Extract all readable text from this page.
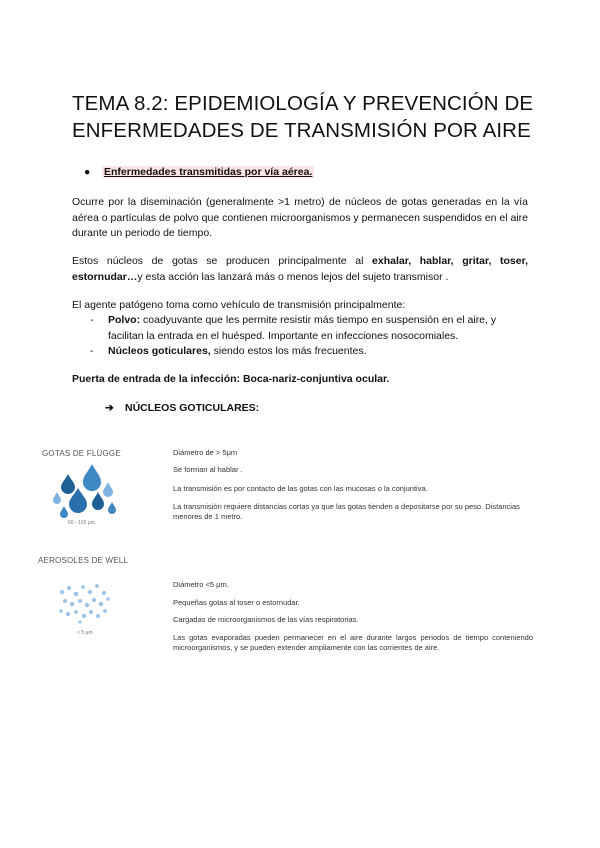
TEMA 8.2: EPIDEMIOLOGÍA Y PREVENCIÓN DE ENFERMEDADES DE TRANSMISIÓN POR AIRE
● Enfermedades transmitidas por vía aérea.
Ocurre por la diseminación (generalmente >1 metro) de núcleos de gotas generadas en la vía aérea o partículas de polvo que contienen microorganismos y permanecen suspendidos en el aire durante un periodo de tiempo.
Estos núcleos de gotas se producen principalmente al exhalar, hablar, gritar, toser, estornudar…y esta acción las lanzará más o menos lejos del sujeto transmisor .
El agente patógeno toma como vehículo de transmisión principalmente:
- Polvo: coadyuvante que les permite resistir más tiempo en suspensión en el aire, y facilitan la entrada en el huésped. Importante en infecciones nosocomiales.
- Núcleos goticulares, siendo estos los más frecuentes.
Puerta de entrada de la infección: Boca-nariz-conjuntiva ocular.
➔ NÚCLEOS GOTICULARES:
GOTAS DE FLÜGGE
60 - 100 μm
Diámetro de > 5μm
Se forman al hablar .
La transmisión es por contacto de las gotas con las mucosas o la conjuntiva.
La transmisión requiere distancias cortas ya que las gotas tienden a depositarse por su peso. Distancias menores de 1 metro.
AEROSOLES DE WELL
< 5 μm
Diámetro <5 μm.
Pequeñas gotas al toser o estornudar.
Cargadas de microorganismos de las vías respiratorias.
Las gotas evaporadas pueden permanecer en el aire durante largos periodos de tiempo conteniendo microorganismos, y se pueden extender ampliamente con las corrientes de aire.
